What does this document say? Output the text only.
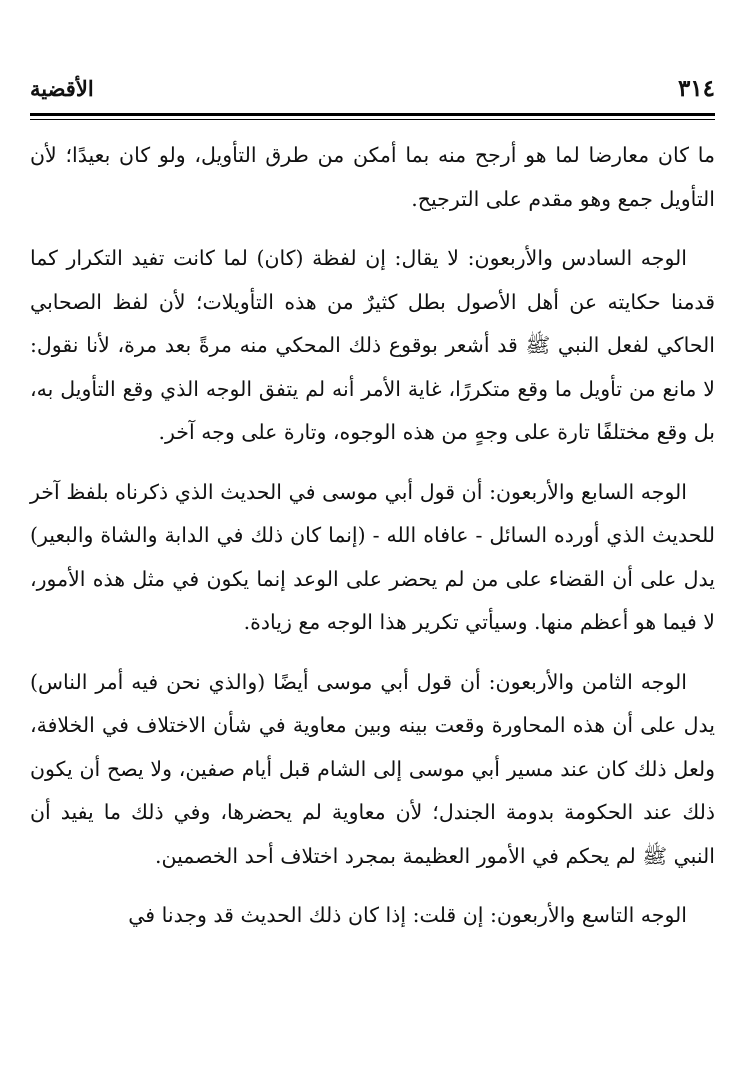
٣١٤
الأقضية

ما كان معارضا لما هو أرجح منه بما أمكن من طرق التأويل، ولو كان بعيدًا؛ لأن التأويل جمع وهو مقدم على الترجيح.

الوجه السادس والأربعون: لا يقال: إن لفظة (كان) لما كانت تفيد التكرار كما قدمنا حكايته عن أهل الأصول بطل كثيرٌ من هذه التأويلات؛ لأن لفظ الصحابي الحاكي لفعل النبي ﷺ قد أشعر بوقوع ذلك المحكي منه مرةً بعد مرة، لأنا نقول: لا مانع من تأويل ما وقع متكررًا، غاية الأمر أنه لم يتفق الوجه الذي وقع التأويل به، بل وقع مختلفًا تارة على وجهٍ من هذه الوجوه، وتارة على وجه آخر.

الوجه السابع والأربعون: أن قول أبي موسى في الحديث الذي ذكرناه بلفظ آخر للحديث الذي أورده السائل - عافاه الله - (إنما كان ذلك في الدابة والشاة والبعير) يدل على أن القضاء على من لم يحضر على الوعد إنما يكون في مثل هذه الأمور، لا فيما هو أعظم منها. وسيأتي تكرير هذا الوجه مع زيادة.

الوجه الثامن والأربعون: أن قول أبي موسى أيضًا (والذي نحن فيه أمر الناس) يدل على أن هذه المحاورة وقعت بينه وبين معاوية في شأن الاختلاف في الخلافة، ولعل ذلك كان عند مسير أبي موسى إلى الشام قبل أيام صفين، ولا يصح أن يكون ذلك عند الحكومة بدومة الجندل؛ لأن معاوية لم يحضرها، وفي ذلك ما يفيد أن النبي ﷺ لم يحكم في الأمور العظيمة بمجرد اختلاف أحد الخصمين.

الوجه التاسع والأربعون: إن قلت: إذا كان ذلك الحديث قد وجدنا في
